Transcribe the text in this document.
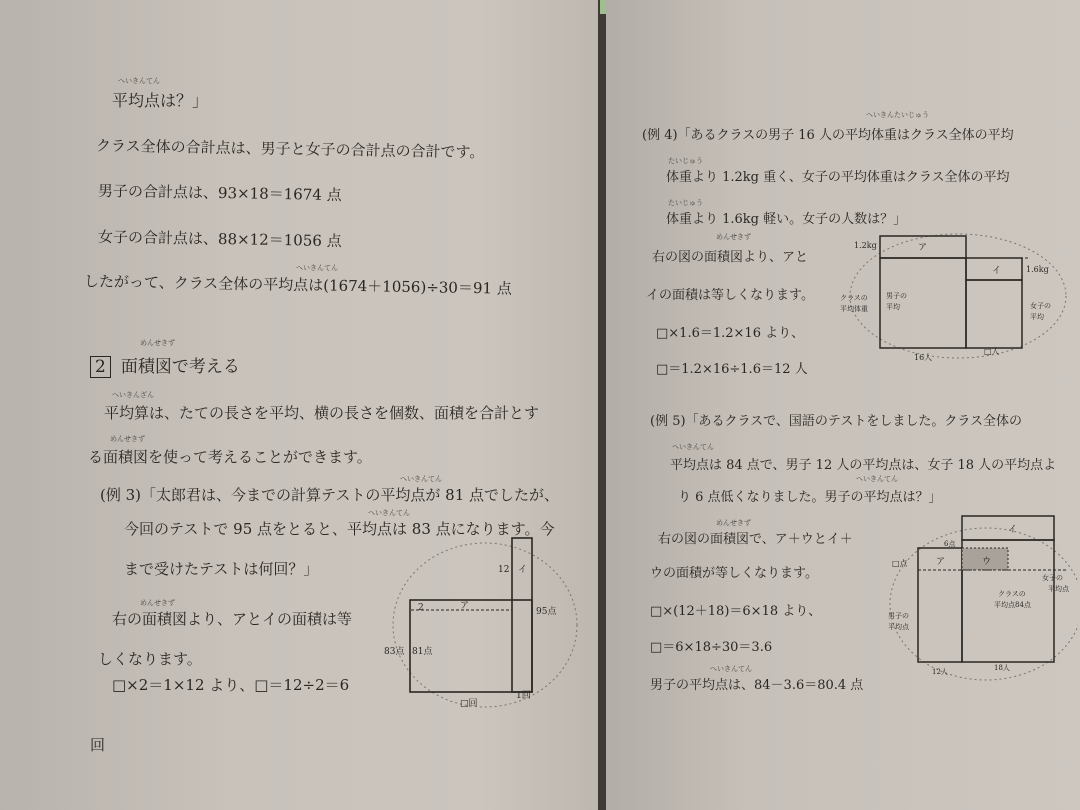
へいきんてん
平均点は？」
クラス全体の合計点は、男子と女子の合計点の合計です。
男子の合計点は、93×18＝1674 点
女子の合計点は、88×12＝1056 点
へいきんてん
したがって、クラス全体の平均点は(1674＋1056)÷30＝91 点
めんせきず
2 面積図で考える
へいきんざん
平均算は、たての長さを平均、横の長さを個数、面積を合計とす
めんせきず
る面積図を使って考えることができます。
へいきんてん
(例 3)「太郎君は、今までの計算テストの平均点が 81 点でしたが、
へいきんてん
今回のテストで 95 点をとると、平均点は 83 点になります。今
まで受けたテストは何回？」
めんせきず
右の面積図より、アとイの面積は等
しくなります。
□×2＝1×12 より、□＝12÷2＝6
回
12 イ
2	ア
95点
83点 81点
□回
1回
へいきんたいじゅう
(例 4)「あるクラスの男子 16 人の平均体重はクラス全体の平均
たいじゅう
体重より 1.2kg 重く、女子の平均体重はクラス全体の平均
たいじゅう
体重より 1.6kg 軽い。女子の人数は？」
めんせきず
右の図の面積図より、アと
イの面積は等しくなります。
□×1.6＝1.2×16 より、
□＝1.2×16÷1.6＝12 人
1.2kg	ア
イ	1.6kg
クラスの
平均体重
男子の
平均	女子の
平均
16人
□人
(例 5)「あるクラスで、国語のテストをしました。クラス全体の
へいきんてん
平均点は 84 点で、男子 12 人の平均点は、女子 18 人の平均点よ
へいきんてん
り 6 点低くなりました。男子の平均点は？」
めんせきず
右の図の面積図で、ア＋ウとイ＋
ウの面積が等しくなります。
□×(12＋18)＝6×18 より、
□＝6×18÷30＝3.6
へいきんてん
男子の平均点は、84－3.6＝80.4 点
6点
イ
ア	ウ
□点
クラスの
平均点84点
女子の
平均点
男子の
平均点
12人	18人
